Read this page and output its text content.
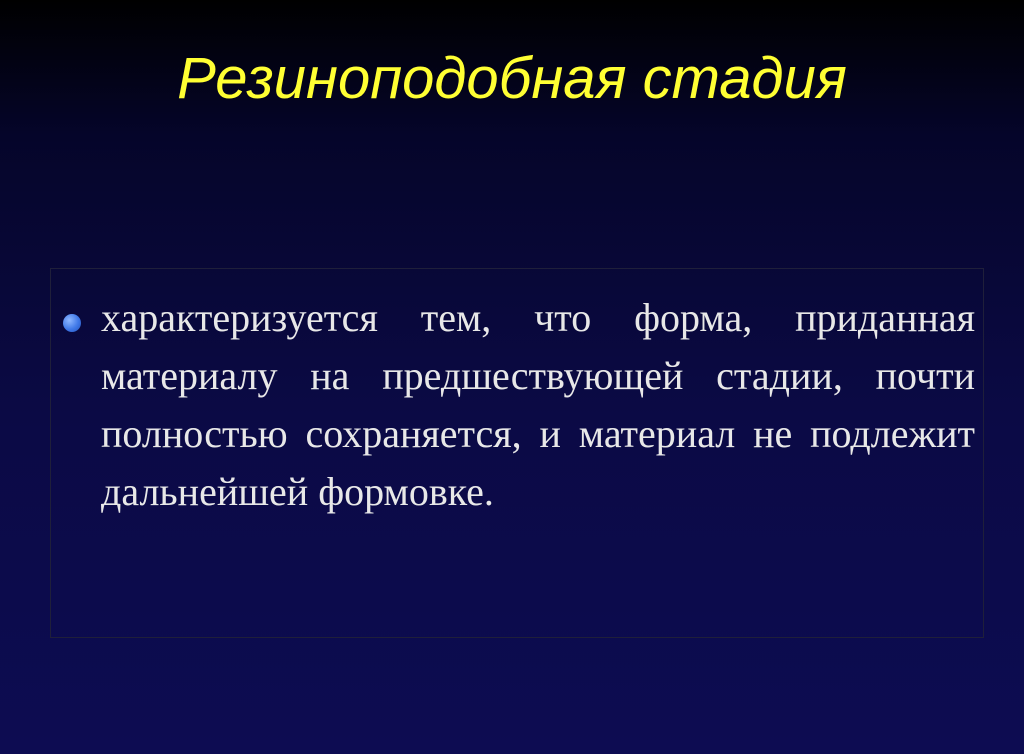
Резиноподобная стадия

характеризуется тем, что форма, приданная материалу на предшествующей стадии, почти полностью сохраняется, и материал не подлежит дальнейшей формовке.
